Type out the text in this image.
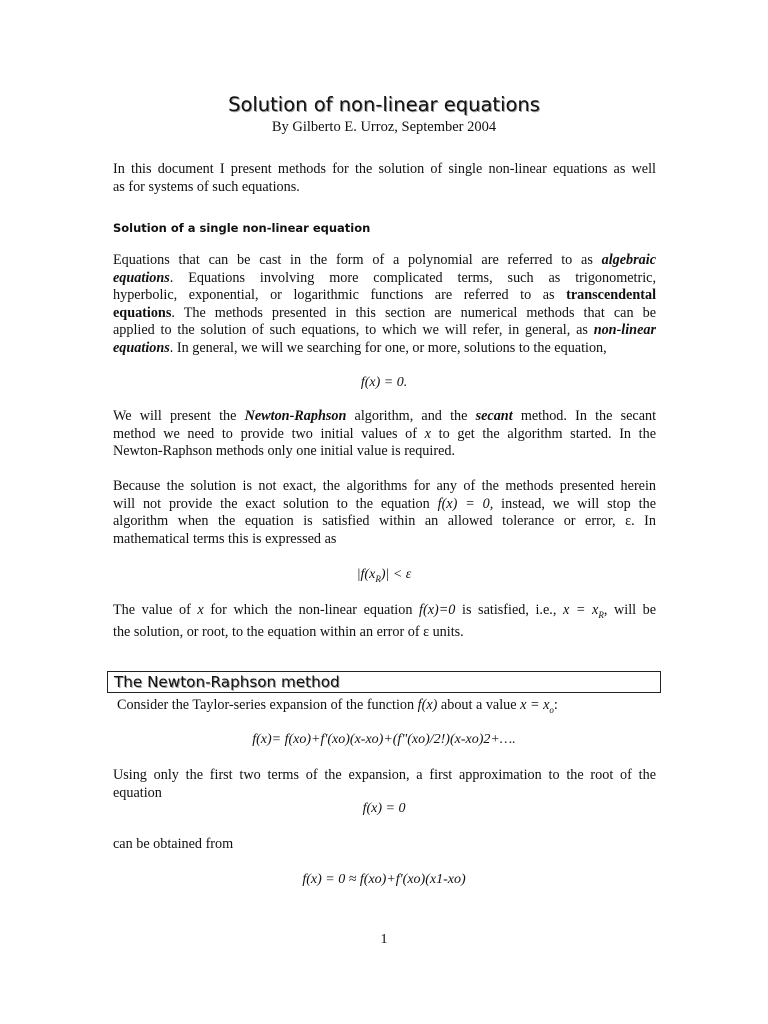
Solution of non-linear equations
By Gilberto E. Urroz, September 2004
In this document I present methods for the solution of single non-linear equations as well
as for systems of such equations.
Solution of a single non-linear equation
Equations that can be cast in the form of a polynomial are referred to as algebraic
equations. Equations involving more complicated terms, such as trigonometric,
hyperbolic, exponential, or logarithmic functions are referred to as transcendental
equations. The methods presented in this section are numerical methods that can be
applied to the solution of such equations, to which we will refer, in general, as non-linear
equations. In general, we will we searching for one, or more, solutions to the equation,
f(x) = 0.
We will present the Newton-Raphson algorithm, and the secant method. In the secant
method we need to provide two initial values of x to get the algorithm started. In the
Newton-Raphson methods only one initial value is required.
Because the solution is not exact, the algorithms for any of the methods presented herein
will not provide the exact solution to the equation f(x) = 0, instead, we will stop the
algorithm when the equation is satisfied within an allowed tolerance or error, ε. In
mathematical terms this is expressed as
$|f(x_R)| < \varepsilon$
The value of x for which the non-linear equation f(x)=0 is satisfied, i.e., $x = x_R$, will be
the solution, or root, to the equation within an error of ε units.
The Newton-Raphson method
Consider the Taylor-series expansion of the function f(x) about a value $x = x_o$:
f(x)= f(xo)+f'(xo)(x-xo)+(f"(xo)/2!)(x-xo)2+….
Using only the first two terms of the expansion, a first approximation to the root of the
equation
f(x) = 0
can be obtained from
f(x) = 0 ≈ f(xo)+f'(xo)(x1-xo)
1
